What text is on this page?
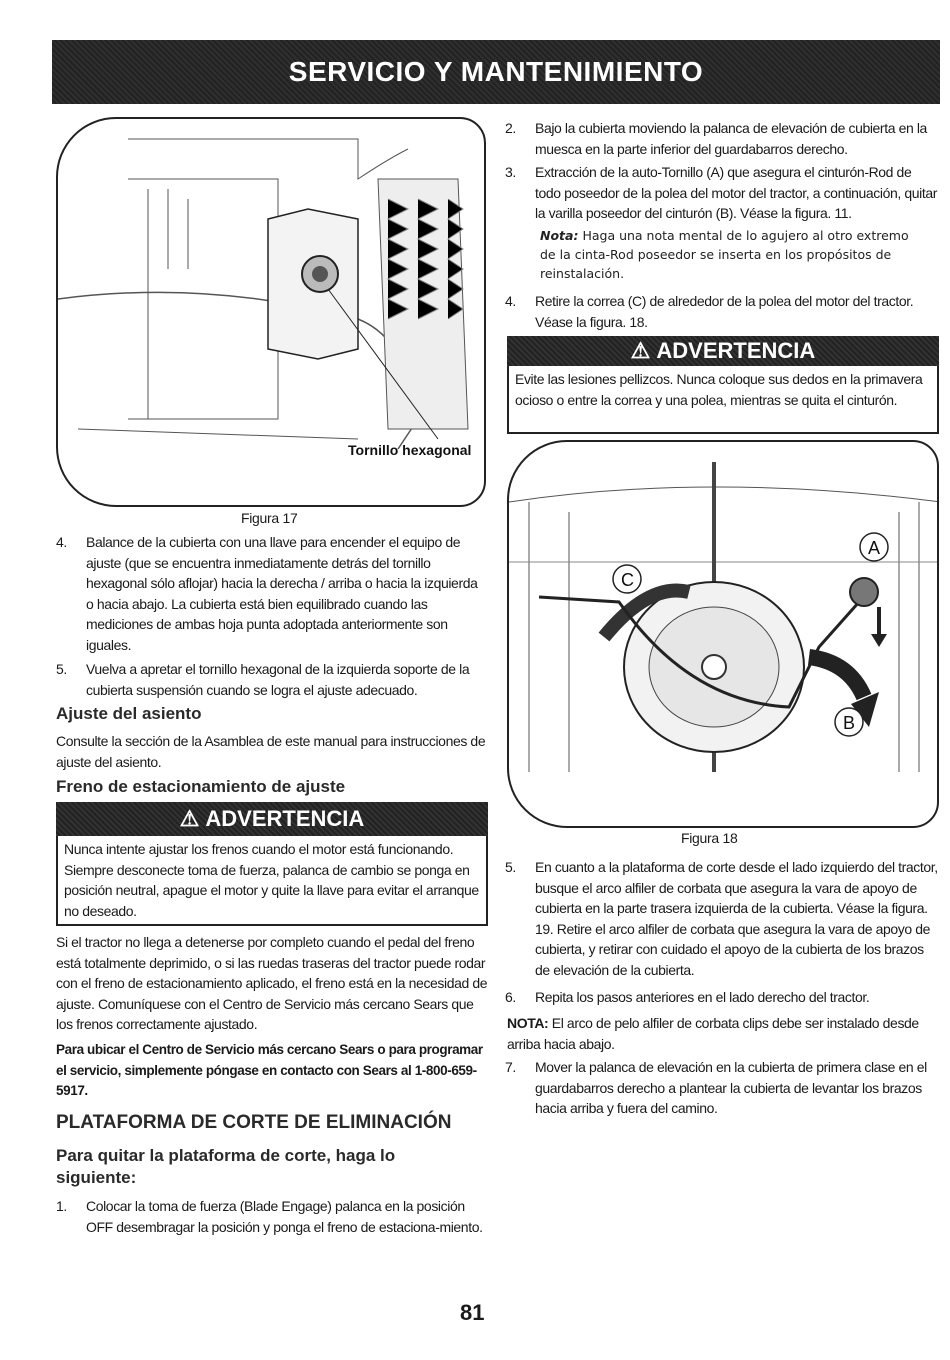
SERVICIO Y MANTENIMIENTO
Tornillo hexagonal
Figura 17
4.	Balance de la cubierta con una llave para encender el equipo de ajuste (que se encuentra inmediatamente detrás del tornillo hexagonal sólo aflojar) hacia la derecha / arriba o hacia la izquierda o hacia abajo. La cubierta está bien equilibrado cuando las mediciones de ambas hoja punta adoptada anteriormente son iguales.
5.	Vuelva a apretar el tornillo hexagonal de la izquierda soporte de la cubierta suspensión cuando se logra el ajuste adecuado.
Ajuste del asiento
Consulte la sección de la Asamblea de este manual para instrucciones de ajuste del asiento.
Freno de estacionamiento de ajuste
⚠ ADVERTENCIA
Nunca intente ajustar los frenos cuando el motor está funcionando. Siempre desconecte toma de fuerza, palanca de cambio se ponga en posición neutral, apague el motor y quite la llave para evitar el arranque no deseado.
Si el tractor no llega a detenerse por completo cuando el pedal del freno está totalmente deprimido, o si las ruedas traseras del tractor puede rodar con el freno de estacionamiento aplicado, el freno está en la necesidad de ajuste. Comuníquese con el Centro de Servicio más cercano Sears que los frenos correctamente ajustado.
Para ubicar el Centro de Servicio más cercano Sears o para programar el servicio, simplemente póngase en contacto con Sears al 1-800-659-5917.
PLATAFORMA DE CORTE DE ELIMINACIÓN
Para quitar la plataforma de corte, haga lo siguiente:
1.	Colocar la toma de fuerza (Blade Engage) palanca en la posición OFF desembragar la posición y ponga el freno de estaciona-miento.
2.	Bajo la cubierta moviendo la palanca de elevación de cubierta en la muesca en la parte inferior del guardabarros derecho.
3.	Extracción de la auto-Tornillo (A) que asegura el cinturón-Rod de todo poseedor de la polea del motor del tractor, a continuación, quitar la varilla poseedor del cinturón (B). Véase la figura. 11.
Nota: Haga una nota mental de lo agujero al otro extremo de la cinta-Rod poseedor se inserta en los propósitos de reinstalación.
4.	Retire la correa (C) de alrededor de la polea del motor del tractor. Véase la figura. 18.
⚠ ADVERTENCIA
Evite las lesiones pellizcos. Nunca coloque sus dedos en la primavera ocioso o entre la correa y una polea, mientras se quita el cinturón.
A
B
C
Figura 18
5.	En cuanto a la plataforma de corte desde el lado izquierdo del tractor, busque el arco alfiler de corbata que asegura la vara de apoyo de cubierta en la parte trasera izquierda de la cubierta. Véase la figura. 19. Retire el arco alfiler de corbata que asegura la vara de apoyo de cubierta, y retirar con cuidado el apoyo de la cubierta de los brazos de elevación de la cubierta.
6.	Repita los pasos anteriores en el lado derecho del tractor.
NOTA: El arco de pelo alfiler de corbata clips debe ser instalado desde arriba hacia abajo.
7.	Mover la palanca de elevación en la cubierta de primera clase en el guardabarros derecho a plantear la cubierta de levantar los brazos hacia arriba y fuera del camino.
81
